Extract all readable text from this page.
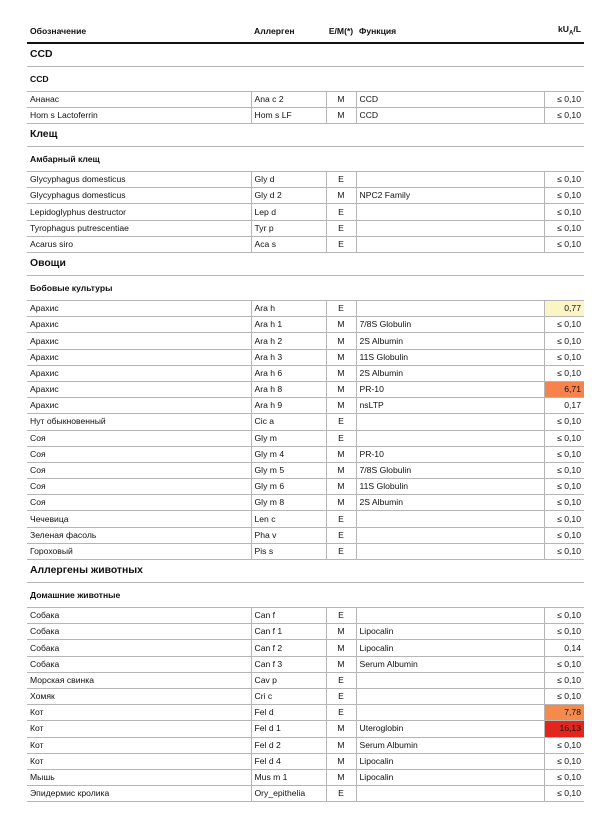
Обозначение	Аллерген	E/M(*)	Функция	$kU_A/L$
CCD				
CCD				
Ананас	Ana c 2	M	CCD	≤ 0,10
Hom s Lactoferrin	Hom s LF	M	CCD	≤ 0,10
Клещ				
Амбарный клещ				
Glycyphagus domesticus	Gly d	E		≤ 0,10
Glycyphagus domesticus	Gly d 2	M	NPC2 Family	≤ 0,10
Lepidoglyphus destructor	Lep d	E		≤ 0,10
Tyrophagus putrescentiae	Tyr p	E		≤ 0,10
Acarus siro	Aca s	E		≤ 0,10
Овощи				
Бобовые культуры				
Арахис	Ara h	E		0,77
Арахис	Ara h 1	M	7/8S Globulin	≤ 0,10
Арахис	Ara h 2	M	2S Albumin	≤ 0,10
Арахис	Ara h 3	M	11S Globulin	≤ 0,10
Арахис	Ara h 6	M	2S Albumin	≤ 0,10
Арахис	Ara h 8	M	PR-10	6,71
Арахис	Ara h 9	M	nsLTP	0,17
Нут обыкновенный	Cic a	E		≤ 0,10
Соя	Gly m	E		≤ 0,10
Соя	Gly m 4	M	PR-10	≤ 0,10
Соя	Gly m 5	M	7/8S Globulin	≤ 0,10
Соя	Gly m 6	M	11S Globulin	≤ 0,10
Соя	Gly m 8	M	2S Albumin	≤ 0,10
Чечевица	Len c	E		≤ 0,10
Зеленая фасоль	Pha v	E		≤ 0,10
Гороховый	Pis s	E		≤ 0,10
Аллергены животных				
Домашние животные				
Собака	Can f	E		≤ 0,10
Собака	Can f 1	M	Lipocalin	≤ 0,10
Собака	Can f 2	M	Lipocalin	0,14
Собака	Can f 3	M	Serum Albumin	≤ 0,10
Морская свинка	Cav p	E		≤ 0,10
Хомяк	Cri c	E		≤ 0,10
Кот	Fel d	E		7,78
Кот	Fel d 1	M	Uteroglobin	16,13
Кот	Fel d 2	M	Serum Albumin	≤ 0,10
Кот	Fel d 4	M	Lipocalin	≤ 0,10
Мышь	Mus m 1	M	Lipocalin	≤ 0,10
Эпидермис кролика	Ory_epithelia	E		≤ 0,10
